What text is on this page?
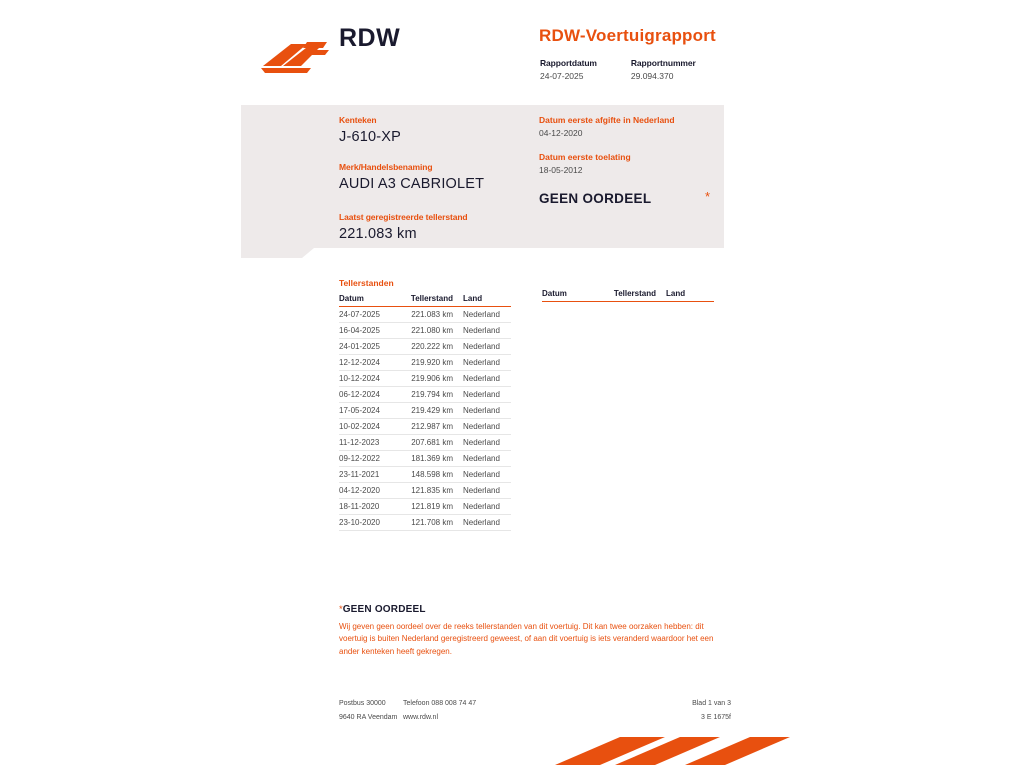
RDW	RDW-Voertuigrapport
Rapportdatum
24-07-2025
Rapportnummer
29.094.370
Kenteken
J-610-XP
Merk/Handelsbenaming
AUDI A3 CABRIOLET
Datum eerste afgifte in Nederland
04-12-2020
Datum eerste toelating
18-05-2012
GEEN OORDEEL	*
Laatst geregistreerde tellerstand
221.083 km
Tellerstanden
Datum	Tellerstand	Land
24-07-2025	221.083 km	Nederland
16-04-2025	221.080 km	Nederland
24-01-2025	220.222 km	Nederland
12-12-2024	219.920 km	Nederland
10-12-2024	219.906 km	Nederland
06-12-2024	219.794 km	Nederland
17-05-2024	219.429 km	Nederland
10-02-2024	212.987 km	Nederland
11-12-2023	207.681 km	Nederland
09-12-2022	181.369 km	Nederland
23-11-2021	148.598 km	Nederland
04-12-2020	121.835 km	Nederland
18-11-2020	121.819 km	Nederland
23-10-2020	121.708 km	Nederland
Datum	Tellerstand	Land
*GEEN OORDEEL
Wij geven geen oordeel over de reeks tellerstanden van dit voertuig. Dit kan twee oorzaken hebben: dit voertuig is buiten Nederland geregistreerd geweest, of aan dit voertuig is iets veranderd waardoor het een ander kenteken heeft gekregen.
Postbus 30000	Telefoon 088 008 74 47	Blad 1 van 3
9640 RA Veendam www.rdw.nl	3 E 1675f
